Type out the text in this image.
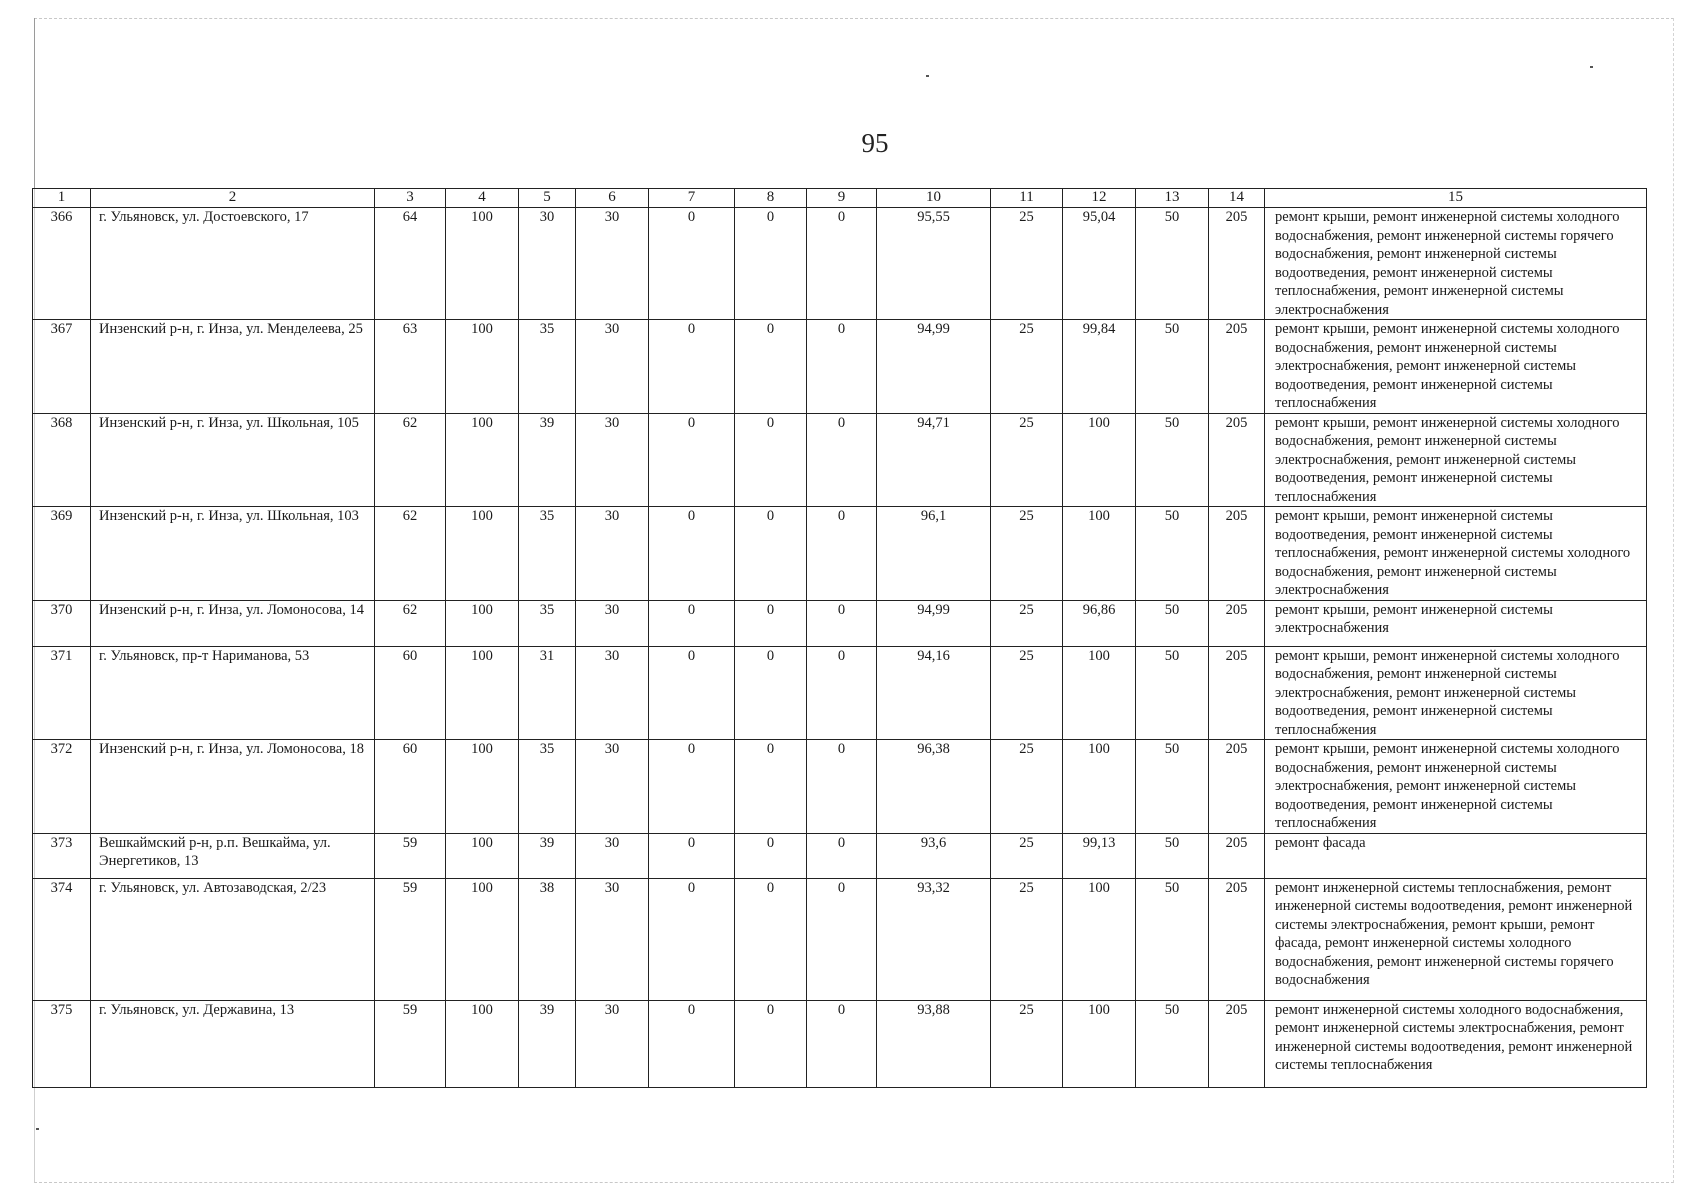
95
1	2	3	4	5	6	7	8	9	10	11	12	13	14	15
366	г. Ульяновск, ул. Достоевского, 17	64	100	30	30	0	0	0	95,55	25	95,04	50	205	ремонт крыши, ремонт инженерной системы холодного водоснабжения, ремонт инженерной системы горячего водоснабжения, ремонт инженерной системы водоотведения, ремонт инженерной системы теплоснабжения, ремонт инженерной системы электроснабжения
367	Инзенский р-н, г. Инза, ул. Менделеева, 25	63	100	35	30	0	0	0	94,99	25	99,84	50	205	ремонт крыши, ремонт инженерной системы холодного водоснабжения, ремонт инженерной системы электроснабжения, ремонт инженерной системы водоотведения, ремонт инженерной системы теплоснабжения
368	Инзенский р-н, г. Инза, ул. Школьная, 105	62	100	39	30	0	0	0	94,71	25	100	50	205	ремонт крыши, ремонт инженерной системы холодного водоснабжения, ремонт инженерной системы электроснабжения, ремонт инженерной системы водоотведения, ремонт инженерной системы теплоснабжения
369	Инзенский р-н, г. Инза, ул. Школьная, 103	62	100	35	30	0	0	0	96,1	25	100	50	205	ремонт крыши, ремонт инженерной системы водоотведения, ремонт инженерной системы теплоснабжения, ремонт инженерной системы холодного водоснабжения, ремонт инженерной системы электроснабжения
370	Инзенский р-н, г. Инза, ул. Ломоносова, 14	62	100	35	30	0	0	0	94,99	25	96,86	50	205	ремонт крыши, ремонт инженерной системы электроснабжения
371	г. Ульяновск, пр-т Нариманова, 53	60	100	31	30	0	0	0	94,16	25	100	50	205	ремонт крыши, ремонт инженерной системы холодного водоснабжения, ремонт инженерной системы электроснабжения, ремонт инженерной системы водоотведения, ремонт инженерной системы теплоснабжения
372	Инзенский р-н, г. Инза, ул. Ломоносова, 18	60	100	35	30	0	0	0	96,38	25	100	50	205	ремонт крыши, ремонт инженерной системы холодного водоснабжения, ремонт инженерной системы электроснабжения, ремонт инженерной системы водоотведения, ремонт инженерной системы теплоснабжения
373	Вешкаймский р-н, р.п. Вешкайма, ул. Энергетиков, 13	59	100	39	30	0	0	0	93,6	25	99,13	50	205	ремонт фасада
374	г. Ульяновск, ул. Автозаводская, 2/23	59	100	38	30	0	0	0	93,32	25	100	50	205	ремонт инженерной системы теплоснабжения, ремонт инженерной системы водоотведения, ремонт инженерной системы электроснабжения, ремонт крыши, ремонт фасада, ремонт инженерной системы холодного водоснабжения, ремонт инженерной системы горячего водоснабжения
375	г. Ульяновск, ул. Державина, 13	59	100	39	30	0	0	0	93,88	25	100	50	205	ремонт инженерной системы холодного водоснабжения, ремонт инженерной системы электроснабжения, ремонт инженерной системы водоотведения, ремонт инженерной системы теплоснабжения
